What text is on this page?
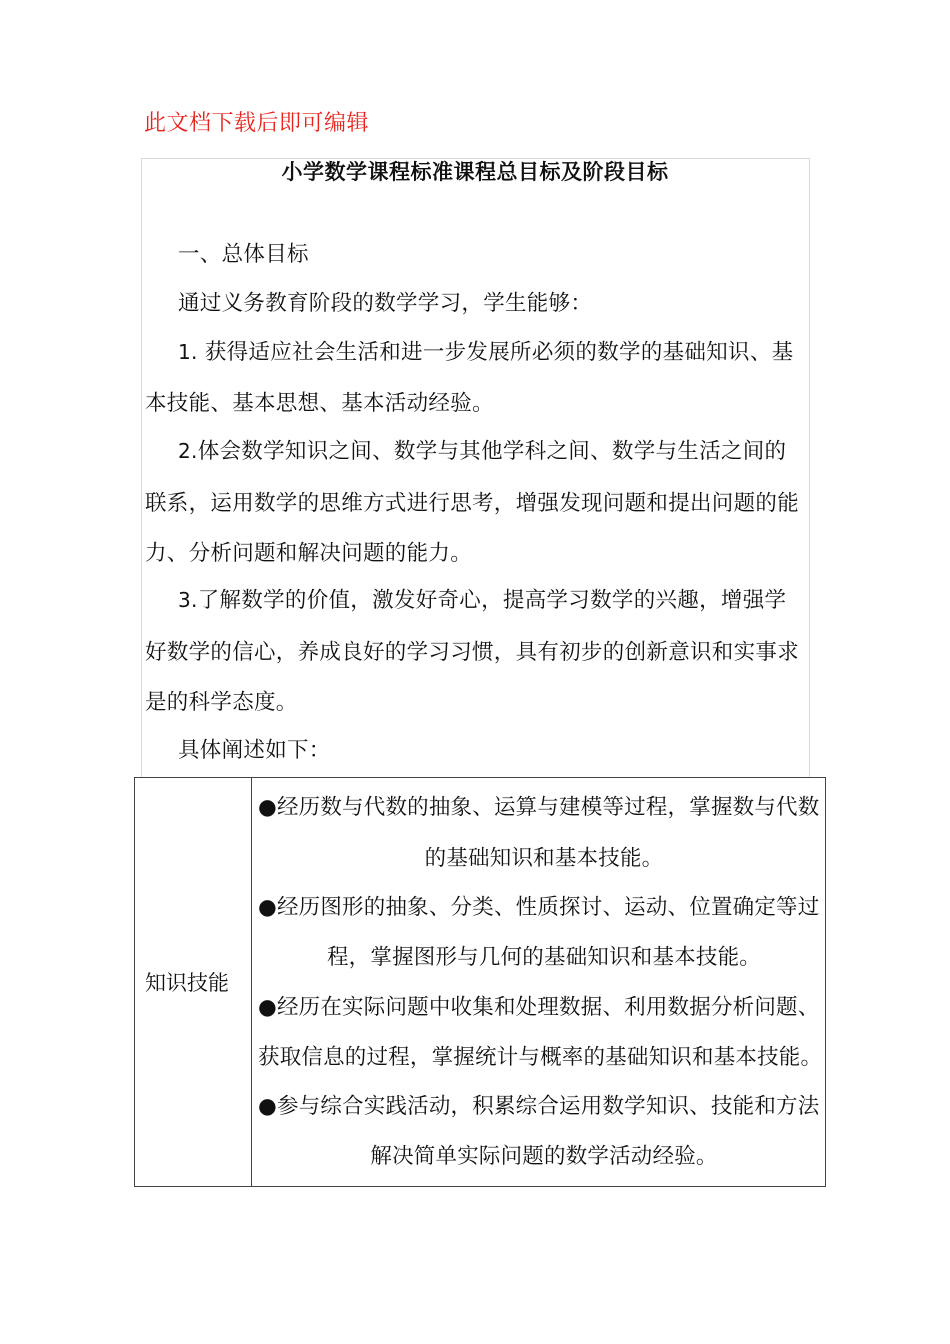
此文档下载后即可编辑
小学数学课程标准课程总目标及阶段目标
一、总体目标
通过义务教育阶段的数学学习，学生能够：
1. 获得适应社会生活和进一步发展所必须的数学的基础知识、基
本技能、基本思想、基本活动经验。
2.体会数学知识之间、数学与其他学科之间、数学与生活之间的
联系，运用数学的思维方式进行思考，增强发现问题和提出问题的能
力、分析问题和解决问题的能力。
3.了解数学的价值，激发好奇心，提高学习数学的兴趣，增强学
好数学的信心，养成良好的学习习惯，具有初步的创新意识和实事求
是的科学态度。
具体阐述如下：
知识技能	
●经历数与代数的抽象、运算与建模等过程，掌握数与代数
的基础知识和基本技能。
●经历图形的抽象、分类、性质探讨、运动、位置确定等过
程，掌握图形与几何的基础知识和基本技能。
●经历在实际问题中收集和处理数据、利用数据分析问题、
获取信息的过程，掌握统计与概率的基础知识和基本技能。
●参与综合实践活动，积累综合运用数学知识、技能和方法
解决简单实际问题的数学活动经验。
